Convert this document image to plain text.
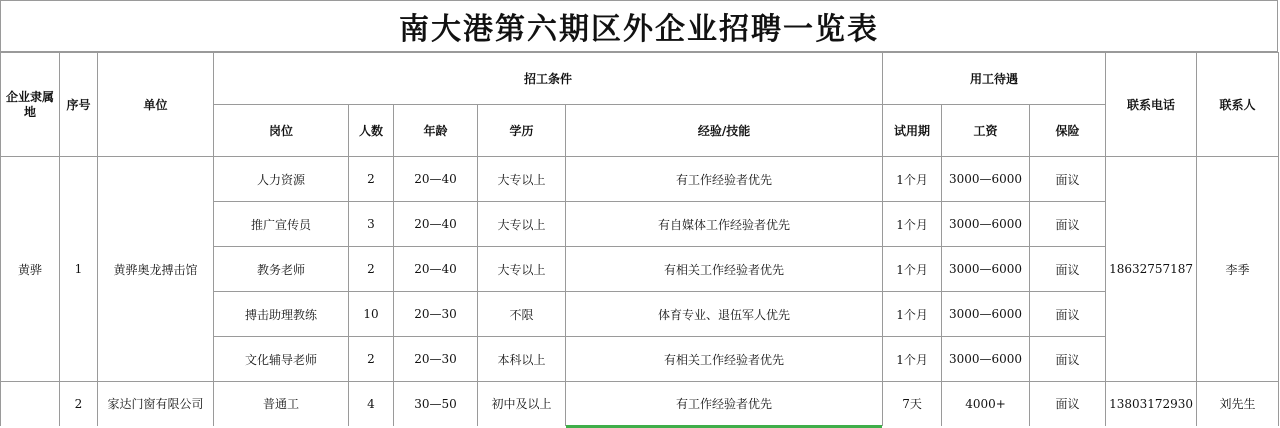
南大港第六期区外企业招聘一览表
企业隶属地	序号	单位	招工条件					用工待遇			联系电话	联系人
			岗位	人数	年龄	学历	经验/技能	试用期	工资	保险		
黄骅	1	黄骅奥龙搏击馆	人力资源	2	20—40	大专以上	有工作经验者优先	1个月	3000—6000	面议	18632757187	李季
			推广宣传员	3	20—40	大专以上	有自媒体工作经验者优先	1个月	3000—6000	面议		
			教务老师	2	20—40	大专以上	有相关工作经验者优先	1个月	3000—6000	面议		
			搏击助理教练	10	20—30	不限	体育专业、退伍军人优先	1个月	3000—6000	面议		
			文化辅导老师	2	20—30	本科以上	有相关工作经验者优先	1个月	3000—6000	面议		
	2	家达门窗有限公司	普通工	4	30—50	初中及以上	有工作经验者优先	7天	4000+	面议	13803172930	刘先生
